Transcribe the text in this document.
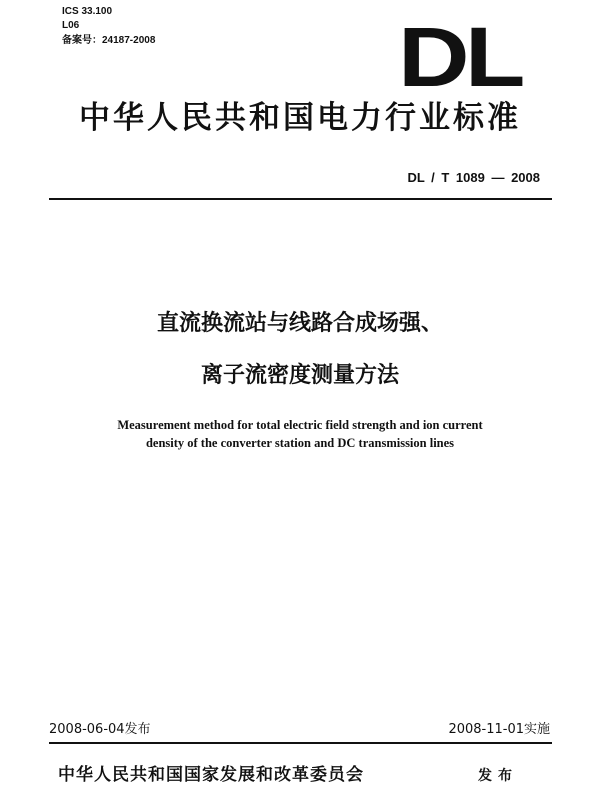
ICS 33.100
L06
备案号：24187-2008	DL
中华人民共和国电力行业标准
DL / T 1089 — 2008
直流换流站与线路合成场强、
离子流密度测量方法
Measurement method for total electric field strength and ion current
density of the converter station and DC transmission lines
2008-06-04发布	2008-11-01实施
中华人民共和国国家发展和改革委员会	发布
